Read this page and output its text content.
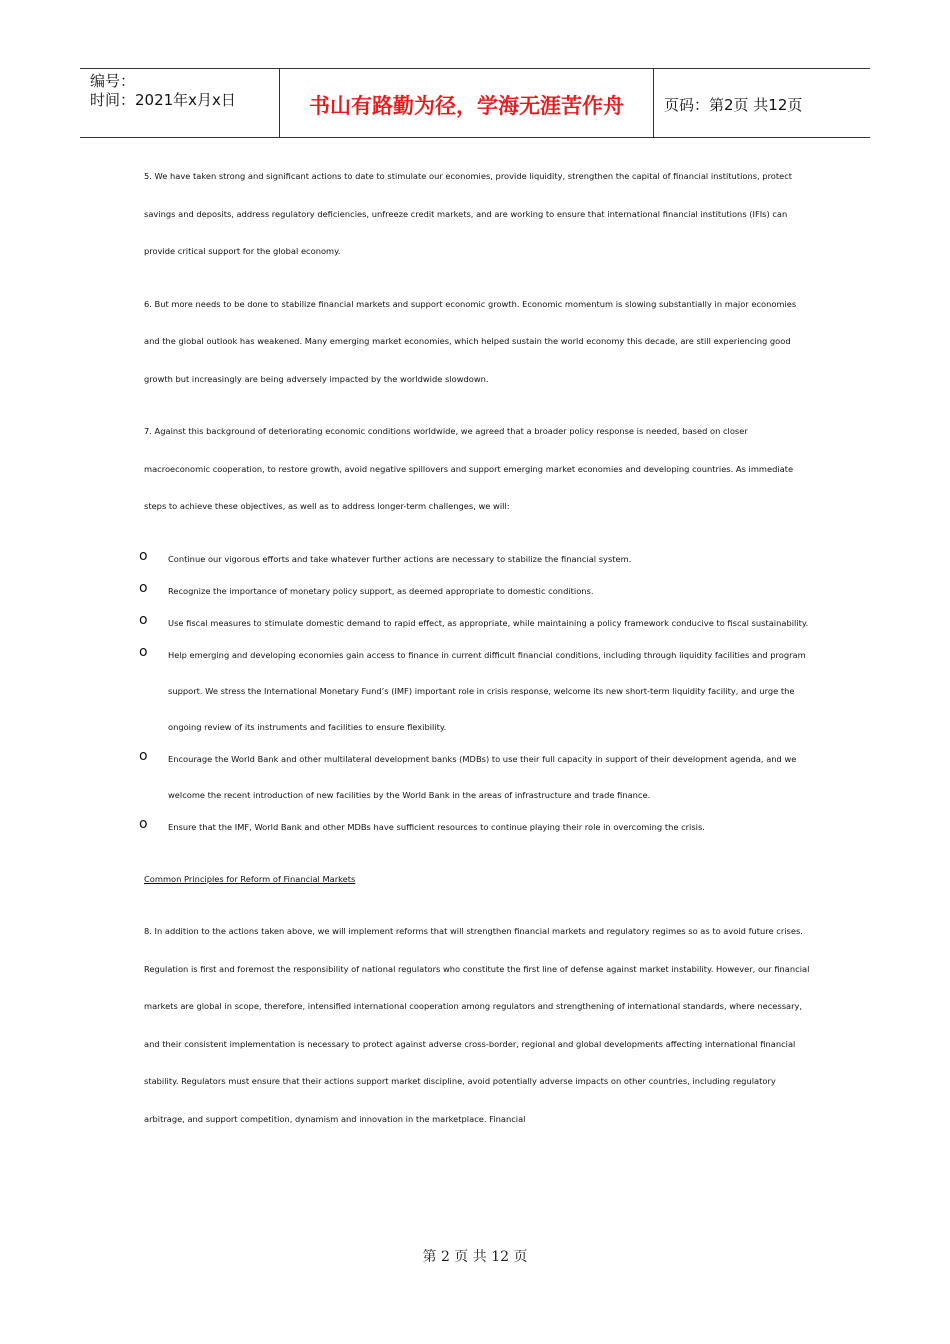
编号：
时间：2021年x月x日	书山有路勤为径，学海无涯苦作舟	页码：第2页 共12页

5. We have taken strong and significant actions to date to stimulate our economies, provide liquidity, strengthen the capital of financial institutions, protect savings and deposits, address regulatory deficiencies, unfreeze credit markets, and are working to ensure that international financial institutions (IFIs) can provide critical support for the global economy.

6. But more needs to be done to stabilize financial markets and support economic growth. Economic momentum is slowing substantially in major economies and the global outlook has weakened. Many emerging market economies, which helped sustain the world economy this decade, are still experiencing good growth but increasingly are being adversely impacted by the worldwide slowdown.

7. Against this background of deteriorating economic conditions worldwide, we agreed that a broader policy response is needed, based on closer macroeconomic cooperation, to restore growth, avoid negative spillovers and support emerging market economies and developing countries. As immediate steps to achieve these objectives, as well as to address longer-term challenges, we will:

o Continue our vigorous efforts and take whatever further actions are necessary to stabilize the financial system.
o Recognize the importance of monetary policy support, as deemed appropriate to domestic conditions.
o Use fiscal measures to stimulate domestic demand to rapid effect, as appropriate, while maintaining a policy framework conducive to fiscal sustainability.
o Help emerging and developing economies gain access to finance in current difficult financial conditions, including through liquidity facilities and program support. We stress the International Monetary Fund’s (IMF) important role in crisis response, welcome its new short-term liquidity facility, and urge the ongoing review of its instruments and facilities to ensure flexibility.
o Encourage the World Bank and other multilateral development banks (MDBs) to use their full capacity in support of their development agenda, and we welcome the recent introduction of new facilities by the World Bank in the areas of infrastructure and trade finance.
o Ensure that the IMF, World Bank and other MDBs have sufficient resources to continue playing their role in overcoming the crisis.

Common Principles for Reform of Financial Markets

8. In addition to the actions taken above, we will implement reforms that will strengthen financial markets and regulatory regimes so as to avoid future crises. Regulation is first and foremost the responsibility of national regulators who constitute the first line of defense against market instability. However, our financial markets are global in scope, therefore, intensified international cooperation among regulators and strengthening of international standards, where necessary, and their consistent implementation is necessary to protect against adverse cross-border, regional and global developments affecting international financial stability. Regulators must ensure that their actions support market discipline, avoid potentially adverse impacts on other countries, including regulatory arbitrage, and support competition, dynamism and innovation in the marketplace. Financial

第 2 页 共 12 页
